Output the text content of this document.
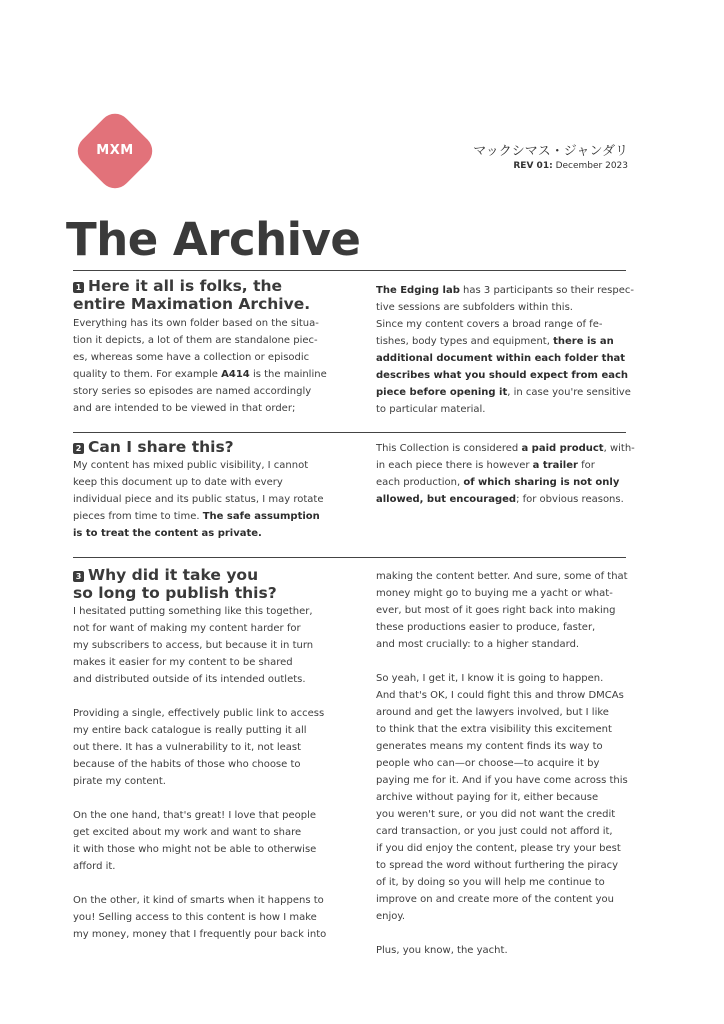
MXM	マックシマス・ジャンダリ
REV 01: December 2023
The Archive

1 Here it all is folks, the

entire Maximation Archive.

Everything has its own folder based on the situa-

tion it depicts, a lot of them are standalone piec-

es, whereas some have a collection or episodic

quality to them. For example A414 is the mainline

story series so episodes are named accordingly

and are intended to be viewed in that order;

The Edging lab has 3 participants so their respec-

tive sessions are subfolders within this.

Since my content covers a broad range of fe-

tishes, body types and equipment, there is an

additional document within each folder that

describes what you should expect from each

piece before opening it, in case you're sensitive

to particular material.

2 Can I share this?

My content has mixed public visibility, I cannot

keep this document up to date with every

individual piece and its public status, I may rotate

pieces from time to time. The safe assumption

is to treat the content as private.

This Collection is considered a paid product, with-

in each piece there is however a trailer for

each production, of which sharing is not only

allowed, but encouraged; for obvious reasons.

3 Why did it take you

so long to publish this?

I hesitated putting something like this together,

not for want of making my content harder for

my subscribers to access, but because it in turn

makes it easier for my content to be shared

and distributed outside of its intended outlets.

Providing a single, effectively public link to access

my entire back catalogue is really putting it all

out there. It has a vulnerability to it, not least

because of the habits of those who choose to

pirate my content.

On the one hand, that's great! I love that people

get excited about my work and want to share

it with those who might not be able to otherwise

afford it.

On the other, it kind of smarts when it happens to

you! Selling access to this content is how I make

my money, money that I frequently pour back into

making the content better. And sure, some of that

money might go to buying me a yacht or what-

ever, but most of it goes right back into making

these productions easier to produce, faster,

and most crucially: to a higher standard.

So yeah, I get it, I know it is going to happen.

And that's OK, I could fight this and throw DMCAs

around and get the lawyers involved, but I like

to think that the extra visibility this excitement

generates means my content finds its way to

people who can—or choose—to acquire it by

paying me for it. And if you have come across this

archive without paying for it, either because

you weren't sure, or you did not want the credit

card transaction, or you just could not afford it,

if you did enjoy the content, please try your best

to spread the word without furthering the piracy

of it, by doing so you will help me continue to

improve on and create more of the content you

enjoy.

Plus, you know, the yacht.
